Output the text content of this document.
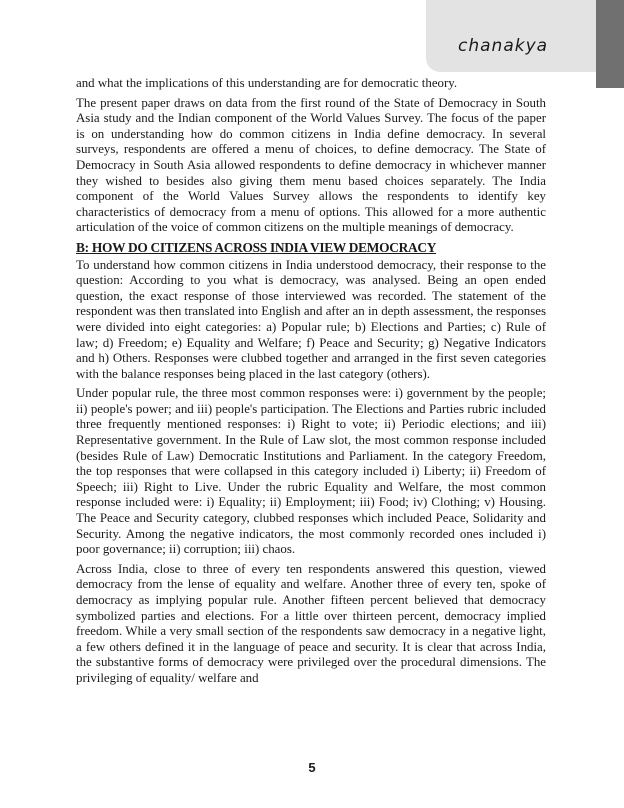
chanakya

and what the implications of this understanding are for democratic theory.

The present paper draws on data from the first round of the State of Democracy in South Asia study and the Indian component of the World Values Survey. The focus of the paper is on understanding how do common citizens in India define democracy. In several surveys, respondents are offered a menu of choices, to define democracy. The State of Democracy in South Asia allowed respondents to define democracy in whichever manner they wished to besides also giving them menu based choices separately. The India component of the World Values Survey allows the respondents to identify key characteristics of democracy from a menu of options. This allowed for a more authentic articulation of the voice of common citizens on the multiple meanings of democracy.

B: HOW DO CITIZENS ACROSS INDIA VIEW DEMOCRACY

To understand how common citizens in India understood democracy, their response to the question: According to you what is democracy, was analysed. Being an open ended question, the exact response of those interviewed was recorded. The statement of the respondent was then translated into English and after an in depth assessment, the responses were divided into eight categories: a) Popular rule; b) Elections and Parties; c) Rule of law; d) Freedom; e) Equality and Welfare; f) Peace and Security; g) Negative Indicators and h) Others. Responses were clubbed together and arranged in the first seven categories with the balance responses being placed in the last category (others).

Under popular rule, the three most common responses were: i) government by the people; ii) people's power; and iii) people's participation. The Elections and Parties rubric included three frequently mentioned responses: i) Right to vote; ii) Periodic elections; and iii) Representative government. In the Rule of Law slot, the most common response included (besides Rule of Law) Democratic Institutions and Parliament. In the category Freedom, the top responses that were collapsed in this category included i) Liberty; ii) Freedom of Speech; iii) Right to Live. Under the rubric Equality and Welfare, the most common response included were: i) Equality; ii) Employment; iii) Food; iv) Clothing; v) Housing. The Peace and Security category, clubbed responses which included Peace, Solidarity and Security. Among the negative indicators, the most commonly recorded ones included i) poor governance; ii) corruption; iii) chaos.

Across India, close to three of every ten respondents answered this question, viewed democracy from the lense of equality and welfare. Another three of every ten, spoke of democracy as implying popular rule. Another fifteen percent believed that democracy symbolized parties and elections. For a little over thirteen percent, democracy implied freedom. While a very small section of the respondents saw democracy in a negative light, a few others defined it in the language of peace and security. It is clear that across India, the substantive forms of democracy were privileged over the procedural dimensions. The privileging of equality/ welfare and

5
